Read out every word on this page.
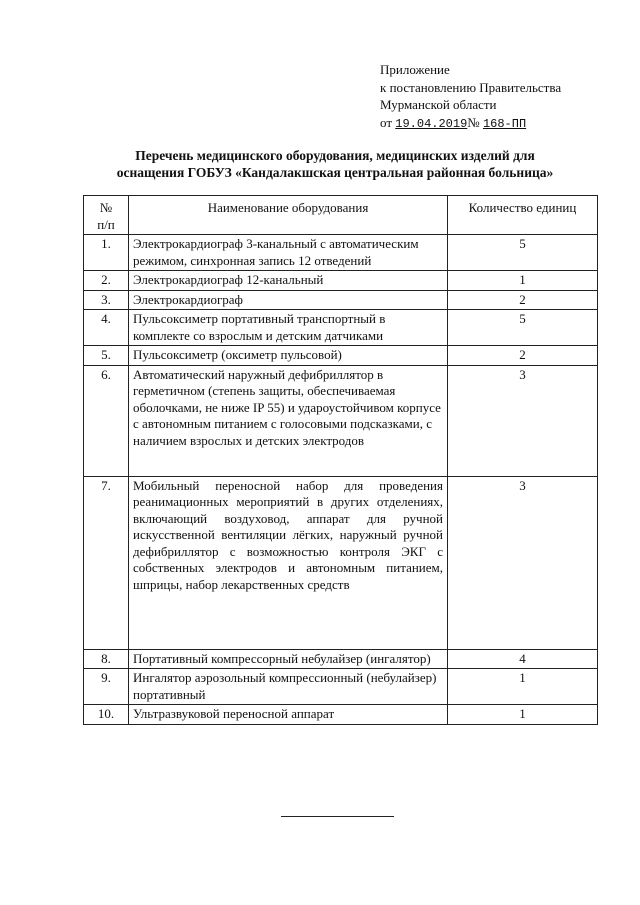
Приложение
к постановлению Правительства
Мурманской области
от 19.04.2019№ 168-ПП
Перечень медицинского оборудования, медицинских изделий для
оснащения ГОБУЗ «Кандалакшская центральная районная больница»
№
п/п	Наименование оборудования	Количество единиц
1.	Электрокардиограф 3-канальный с автоматическим режимом, синхронная запись 12 отведений	5
2.	Электрокардиограф 12-канальный	1
3.	Электрокардиограф	2
4.	Пульсоксиметр портативный транспортный в комплекте со взрослым и детским датчиками	5
5.	Пульсоксиметр (оксиметр пульсовой)	2
6.	Автоматический наружный дефибриллятор в герметичном (степень защиты, обеспечиваемая оболочками, не ниже IP 55) и удароустойчивом корпусе с автономным питанием с голосовыми подсказками, с наличием взрослых и детских электродов	3
7.	Мобильный переносной набор для проведения реанимационных мероприятий в других отделениях, включающий воздуховод, аппарат для ручной искусственной вентиляции лёгких, наружный ручной дефибриллятор с возможностью контроля ЭКГ с собственных электродов и автономным питанием, шприцы, набор лекарственных средств	3
8.	Портативный компрессорный небулайзер (ингалятор)	4
9.	Ингалятор аэрозольный компрессионный (небулайзер) портативный	1
10.	Ультразвуковой переносной аппарат	1
